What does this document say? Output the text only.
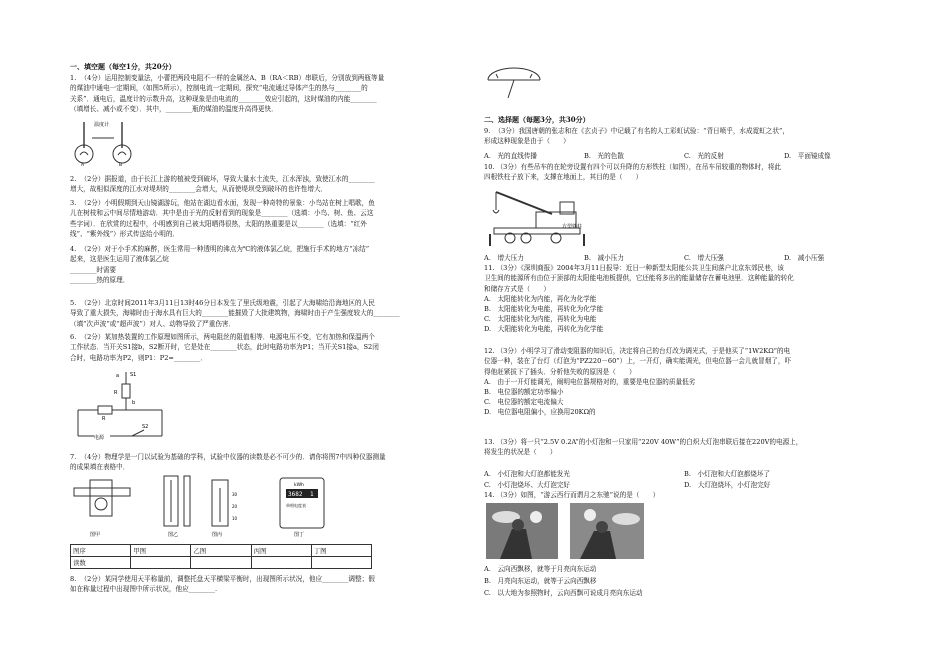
一、填空题（每空1分，共20分）
1.  （4分）运用控制变量法，小蕾把两段电阻不一样的金属丝A、B（RA＜RB）串联后，分别放到两瓶等量
的煤油中通电一定期间，（如图5所示），控制电流一定期间，探究“电流通过导体产生的热与________的
关系”．通电后，温度计的示数升高，这种现象是由电流的________效应引起的，这时煤油的内能________
（填增长、减小或不变）．其中，________瓶的煤油的温度升高得更快．
温度计
A	B
2.  （2分）据报道，由于长江上游的植被受到破坏，导致大量水土流失，江水浑浊，致使江水的________
增大，故相似深度的江水对堤坝的________会增大，从而使堤坝受到破坏的也许性增大．
3.  （2分）小明假期到天山镜湖游玩，他站在湖边看水面，发现一种奇特的景象：小鸟站在树上唱歌，鱼
儿在树枝和云中间尽情地游动．其中是由于光的反射看到的现象是________（选填：小鸟、树、鱼、云这
些字词）．在欣赏的过程中，小明感到自己被太阳晒得很热，太阳的热重要是以________（选填：“红外
线”、“紫外线”）形式传送给小明的．
4.  （2分）对于小手术的麻醉，医生常用一种透明的沸点为℃的液体氯乙烷，把施行手术的地方“冻结”
起来，这是医生运用了液体氯乙烷
________时需要
________热的原理．
5.  （2分）北京时间2011年3月11日13时46分日本发生了里氏级地震，引起了大海啸给沿海地区的人民
导致了重大损失，海啸时由于海水具有巨大的________能摧毁了大批建筑物，海啸时由于产生强度较大的________
（填“次声波”或“超声波”）对人、动物导致了严重伤害．
6.  （2分）某加热装置的工作原理如图所示，两电阻丝的阻值相等．电源电压不变，它有加热和保温两个
工作状态．当开关S1接b，S2断开时，它是处在________状态，此时电路功率为P1；当开关S1接a，S2闭
合时，电路功率为P2，则P1：P2=________．
R
R
S1
a
b
S2
电源
7.  （4分）物理学是一门以试验为基础的学科，试验中仪器的读数是必不可少的．请你将图7中四种仪器测量
的成果填在表格中．
图甲	图乙
30
20
10
图丙
kWh
3682 1
单相电度表
图丁
图序	甲图	乙图	丙图	丁图
读数				
8.  （2分）某同学使用天平称量前，调整托盘天平横梁平衡时，出现图所示状况，他应________调整；假
如在称量过程中出现图中所示状况，他应________.
二、选择题（每题3分，共30分）
9.  （3分）我国唐朝的张志和在《玄贞子》中记载了有名的人工彩虹试验：“背日喷乎，水成霓虹之状”，
形成这种现象是由于（　　）
A.　光的直线传播	B.　光的色散	C.　光的反射	D.　平面镜成像
10. （3分）有些吊车的在轮旁设置有四个可以升降的方形铁柱（如图），在吊车吊较重的物体时，将此
四根铁柱子放下来，支撑在地面上，其目的是（　　）
方型铁柱
A.　增大压力	B.　减小压力	C.　增大压强	D.　减小压强
11. （3分）《深圳商报》2004年3月11日报导：近日一种新型太阳能公共卫生间落户北京东郊民巷，该
卫生间的能源所有由位于顶部的太阳能电池板提供，它还能将多出的能量储存在蓄电池里．这种能量的转化
和储存方式是（　　）
A.　太阳能转化为内能，再化为化学能
B.　太阳能转化为电能，再转化为化学能
C.　太阳能转化为内能，再转化为电能
D.　大阳能转化为电能，再转化为化学能
12. （3分）小明学习了滑动变阻器的知识后，决定将自己的台灯改为调光式，于是他买了“1W2KΩ”的电
位器一种，装在了台灯（灯泡为“PZ220－60”）上，一开灯，确实能调光，但电位器一会儿就冒烟了，吓
得他赶紧拔下了插头．分析他失败的原因是（　　）
A.　由于一开灯能调光，阐明电位器规格对的，重要是电位器的质量低劣
B.　电位器的额定功率偏小
C.　电位器的额定电流偏大
D.　电位器电阻偏小，应换用20KΩ的
13. （3分）将一只“2.5V 0.2A”的小灯泡和一只家用“220V 40W”的白炽大灯泡串联后接在220V的电源上，
将发生的状况是（　　）
A.　小灯泡和大灯泡都能发光	B.　小灯泡和大灯泡都烧坏了
C.　小灯泡烧坏、大灯泡完好	D.　大灯泡烧坏，小灯泡完好
14. （3分）如图，“游云西行而谓月之东驰”说的是（　　）
A.　云向西飘移，就等于月亮向东运动
B.　月亮向东运动，就等于云向西飘移
C.　以大地为参照物时，云向西飘可说成月亮向东运动
